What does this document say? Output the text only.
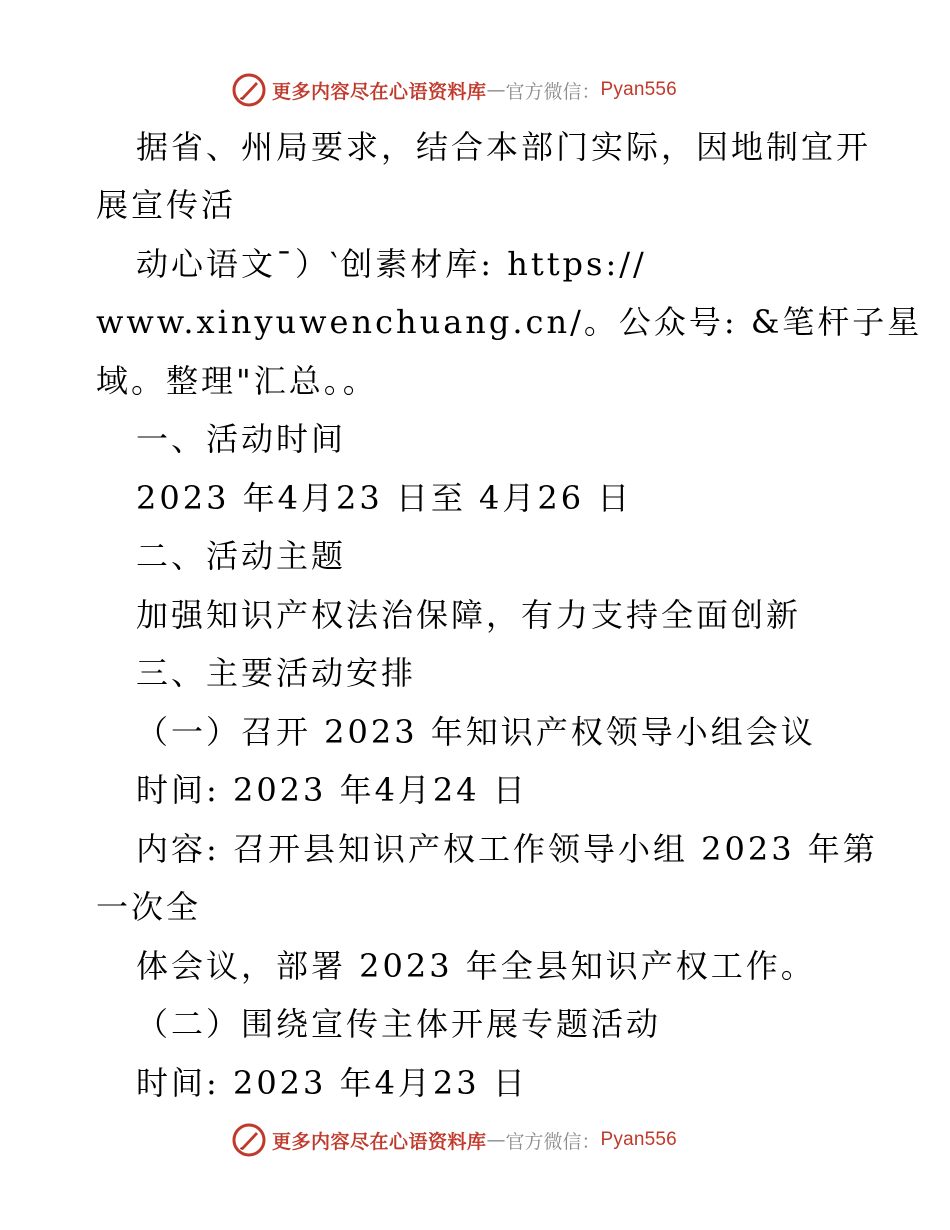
更多内容尽在心语资料库 — 官方微信： Pyan556
据省、州局要求，结合本部门实际，因地制宜开
展宣传活
动心语文¯）‵创素材库: https://
www.xinyuwenchuang.cn/。公众号: &笔杆子星
域。整理"汇总。。
一、活动时间
2023 年4月23 日至 4月26 日
二、活动主题
加强知识产权法治保障，有力支持全面创新
三、主要活动安排
（一）召开 2023 年知识产权领导小组会议
时间: 2023 年4月24 日
内容: 召开县知识产权工作领导小组 2023 年第
一次全
体会议，部署 2023 年全县知识产权工作。
（二）围绕宣传主体开展专题活动
时间: 2023 年4月23 日
更多内容尽在心语资料库 — 官方微信： Pyan556
